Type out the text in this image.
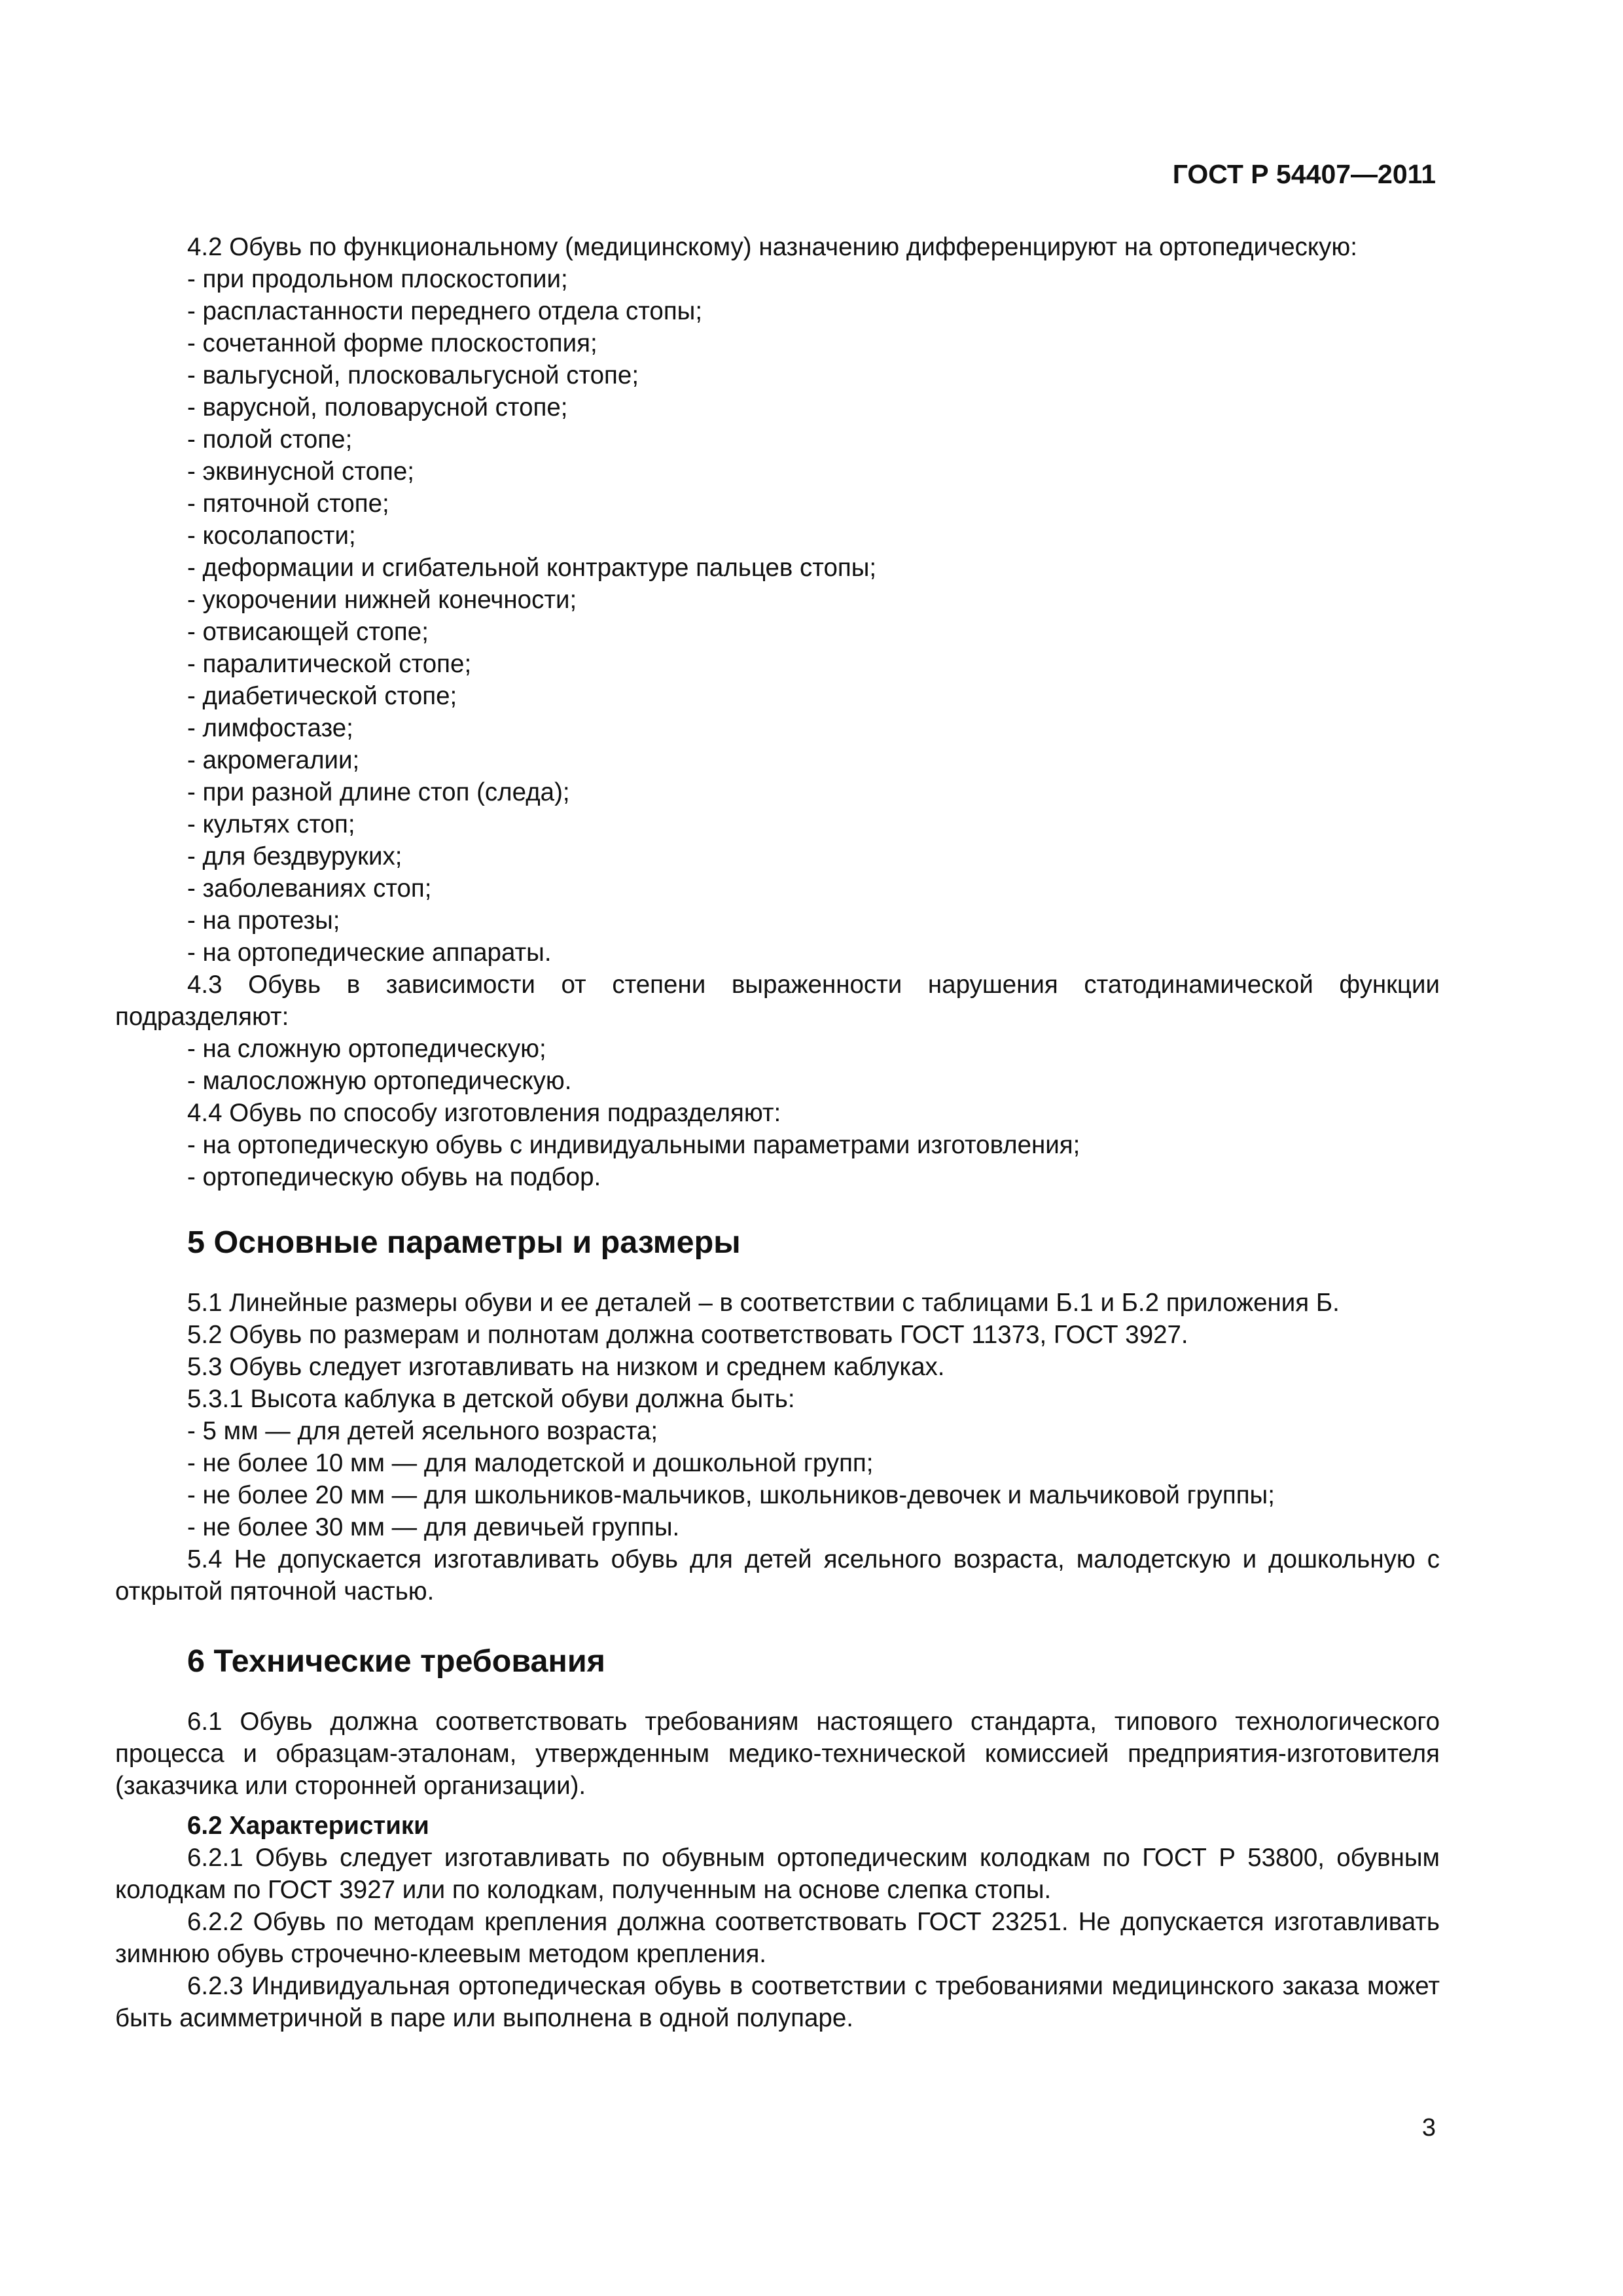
ГОСТ Р 54407—2011

4.2 Обувь по функциональному (медицинскому) назначению дифференцируют на ортопедическую:

- при продольном плоскостопии;
- распластанности переднего отдела стопы;
- сочетанной форме плоскостопия;
- вальгусной, плосковальгусной стопе;
- варусной, половарусной стопе;
- полой стопе;
- эквинусной стопе;
- пяточной стопе;
- косолапости;
- деформации и сгибательной контрактуре пальцев стопы;
- укорочении нижней конечности;
- отвисающей стопе;
- паралитической стопе;
- диабетической стопе;
- лимфостазе;
- акромегалии;
- при разной длине стоп (следа);
- культях стоп;
- для бездвуруких;
- заболеваниях стоп;
- на протезы;
- на ортопедические аппараты.

4.3 Обувь в зависимости от степени выраженности нарушения статодинамической функции подразделяют:

- на сложную ортопедическую;
- малосложную ортопедическую.

4.4 Обувь по способу изготовления подразделяют:

- на ортопедическую обувь с индивидуальными параметрами изготовления;
- ортопедическую обувь на подбор.
5 Основные параметры и размеры

5.1 Линейные размеры обуви и ее деталей – в соответствии с таблицами Б.1 и Б.2 приложения Б.

5.2 Обувь по размерам и полнотам должна соответствовать ГОСТ 11373, ГОСТ 3927.

5.3 Обувь следует изготавливать на низком и среднем каблуках.

5.3.1 Высота каблука в детской обуви должна быть:

- 5 мм — для детей ясельного возраста;
- не более 10 мм — для малодетской и дошкольной групп;
- не более 20 мм — для школьников-мальчиков, школьников-девочек и мальчиковой группы;
- не более 30 мм — для девичьей группы.

5.4 Не допускается изготавливать обувь для детей ясельного возраста, малодетскую и дошкольную с открытой пяточной частью.

6 Технические требования

6.1 Обувь должна соответствовать требованиям настоящего стандарта, типового технологического процесса и образцам-эталонам, утвержденным медико-технической комиссией предприятия-изготовителя (заказчика или сторонней организации).

6.2 Характеристики

6.2.1 Обувь следует изготавливать по обувным ортопедическим колодкам по ГОСТ Р 53800, обувным колодкам по ГОСТ 3927 или по колодкам, полученным на основе слепка стопы.

6.2.2 Обувь по методам крепления должна соответствовать ГОСТ 23251. Не допускается изготавливать зимнюю обувь строчечно-клеевым методом крепления.

6.2.3 Индивидуальная ортопедическая обувь в соответствии с требованиями медицинского заказа может быть асимметричной в паре или выполнена в одной полупаре.

3
